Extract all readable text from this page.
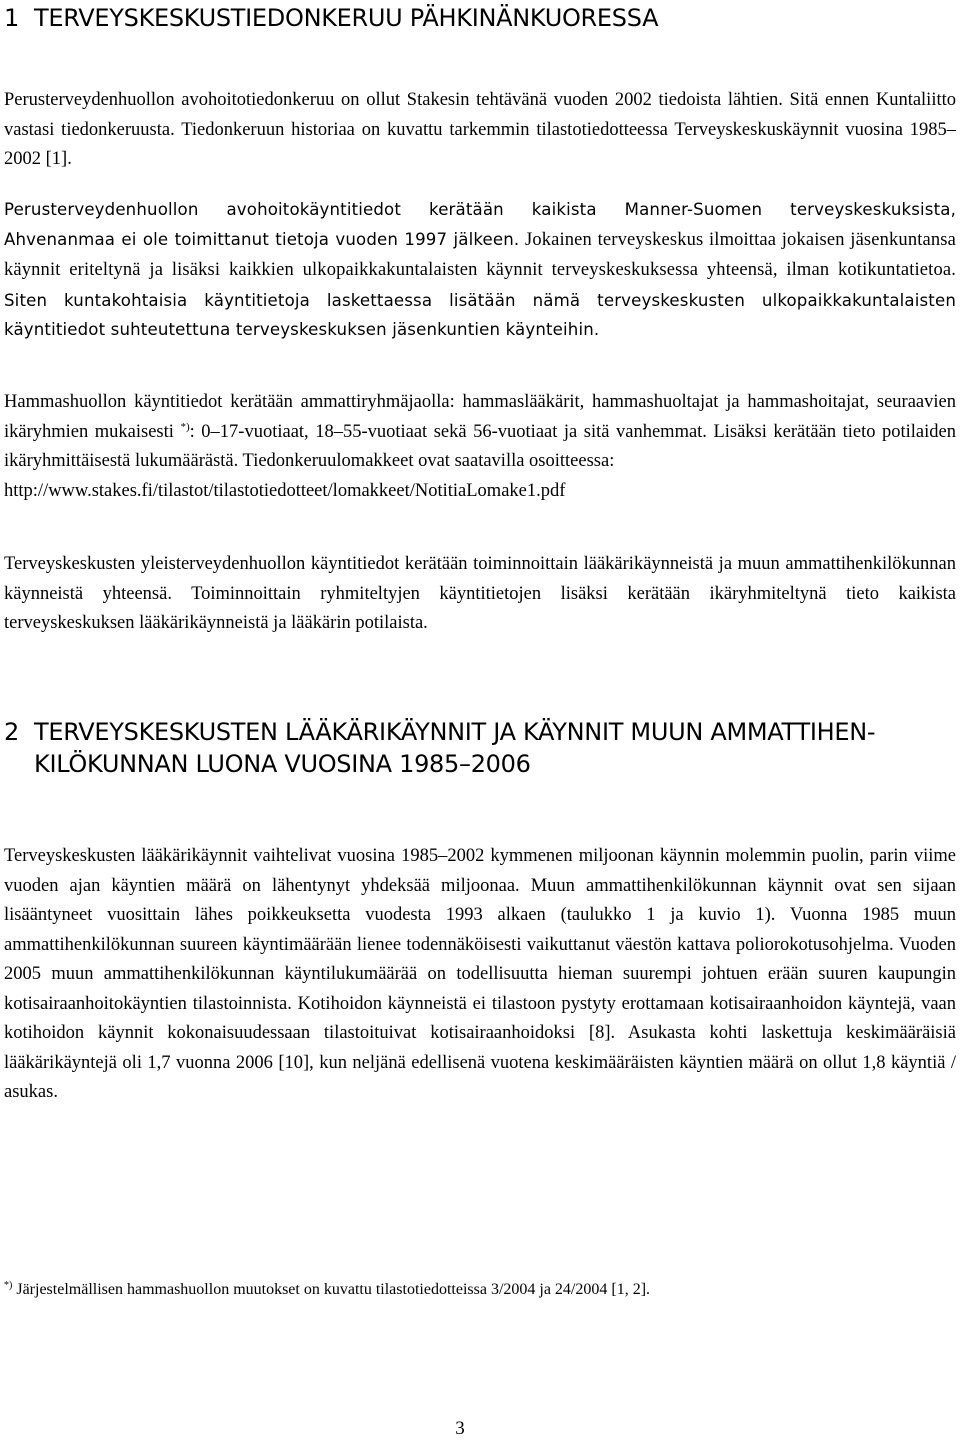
1 TERVEYSKESKUSTIEDONKERUU PÄHKINÄNKUORESSA

Perusterveydenhuollon avohoitotiedonkeruu on ollut Stakesin tehtävänä vuoden 2002 tiedoista lähtien. Sitä ennen Kuntaliitto vastasi tiedonkeruusta. Tiedonkeruun historiaa on kuvattu tarkemmin tilastotiedotteessa Terveyskeskuskäynnit vuosina 1985–2002 [1].

Perusterveydenhuollon avohoitokäyntitiedot kerätään kaikista Manner-Suomen terveyskeskuksista, Ahvenanmaa ei ole toimittanut tietoja vuoden 1997 jälkeen. Jokainen terveyskeskus ilmoittaa jokaisen jäsenkuntansa käynnit eriteltynä ja lisäksi kaikkien ulkopaikkakuntalaisten käynnit terveyskeskuksessa yhteensä, ilman kotikuntatietoa. Siten kuntakohtaisia käyntitietoja laskettaessa lisätään nämä terveyskeskusten ulkopaikkakuntalaisten käyntitiedot suhteutettuna terveyskeskuksen jäsenkuntien käynteihin.

Hammashuollon käyntitiedot kerätään ammattiryhmäjaolla: hammaslääkärit, hammashuoltajat ja hammashoitajat, seuraavien ikäryhmien mukaisesti *): 0–17-vuotiaat, 18–55-vuotiaat sekä 56-vuotiaat ja sitä vanhemmat. Lisäksi kerätään tieto potilaiden ikäryhmittäisestä lukumäärästä. Tiedonkeruulomakkeet ovat saatavilla osoitteessa:
http://www.stakes.fi/tilastot/tilastotiedotteet/lomakkeet/NotitiaLomake1.pdf

Terveyskeskusten yleisterveydenhuollon käyntitiedot kerätään toiminnoittain lääkärikäynneistä ja muun ammattihenkilökunnan käynneistä yhteensä. Toiminnoittain ryhmiteltyjen käyntitietojen lisäksi kerätään ikäryhmiteltynä tieto kaikista terveyskeskuksen lääkärikäynneistä ja lääkärin potilaista.

2 TERVEYSKESKUSTEN LÄÄKÄRIKÄYNNIT JA KÄYNNIT MUUN AMMATTIHEN-
KILÖKUNNAN LUONA VUOSINA 1985–2006

Terveyskeskusten lääkärikäynnit vaihtelivat vuosina 1985–2002 kymmenen miljoonan käynnin molemmin puolin, parin viime vuoden ajan käyntien määrä on lähentynyt yhdeksää miljoonaa. Muun ammattihenkilökunnan käynnit ovat sen sijaan lisääntyneet vuosittain lähes poikkeuksetta vuodesta 1993 alkaen (taulukko 1 ja kuvio 1). Vuonna 1985 muun ammattihenkilökunnan suureen käyntimäärään lienee todennäköisesti vaikuttanut väestön kattava poliorokotusohjelma. Vuoden 2005 muun ammattihenkilökunnan käyntilukumäärää on todellisuutta hieman suurempi johtuen erään suuren kaupungin kotisairaanhoitokäyntien tilastoinnista. Kotihoidon käynneistä ei tilastoon pystyty erottamaan kotisairaanhoidon käyntejä, vaan kotihoidon käynnit kokonaisuudessaan tilastoituivat kotisairaanhoidoksi [8]. Asukasta kohti laskettuja keskimääräisiä lääkärikäyntejä oli 1,7 vuonna 2006 [10], kun neljänä edellisenä vuotena keskimääräisten käyntien määrä on ollut 1,8 käyntiä / asukas.

*) Järjestelmällisen hammashuollon muutokset on kuvattu tilastotiedotteissa 3/2004 ja 24/2004 [1, 2].

3
